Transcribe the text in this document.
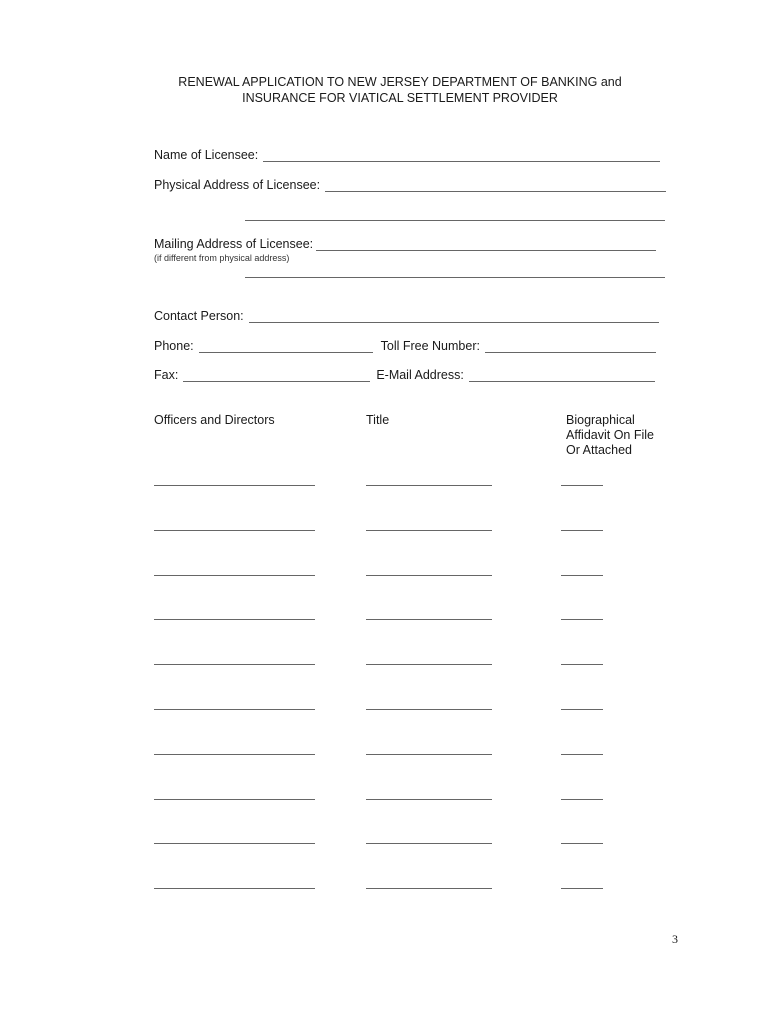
RENEWAL APPLICATION TO NEW JERSEY DEPARTMENT OF BANKING and
INSURANCE FOR VIATICAL SETTLEMENT PROVIDER
Name of Licensee:
Physical Address of Licensee:
Mailing Address of Licensee:
(if different from physical address)
Contact Person:
Phone:	Toll Free Number:
Fax:	E-Mail Address:
Officers and Directors	Title	Biographical
Affidavit On File
Or Attached
3
